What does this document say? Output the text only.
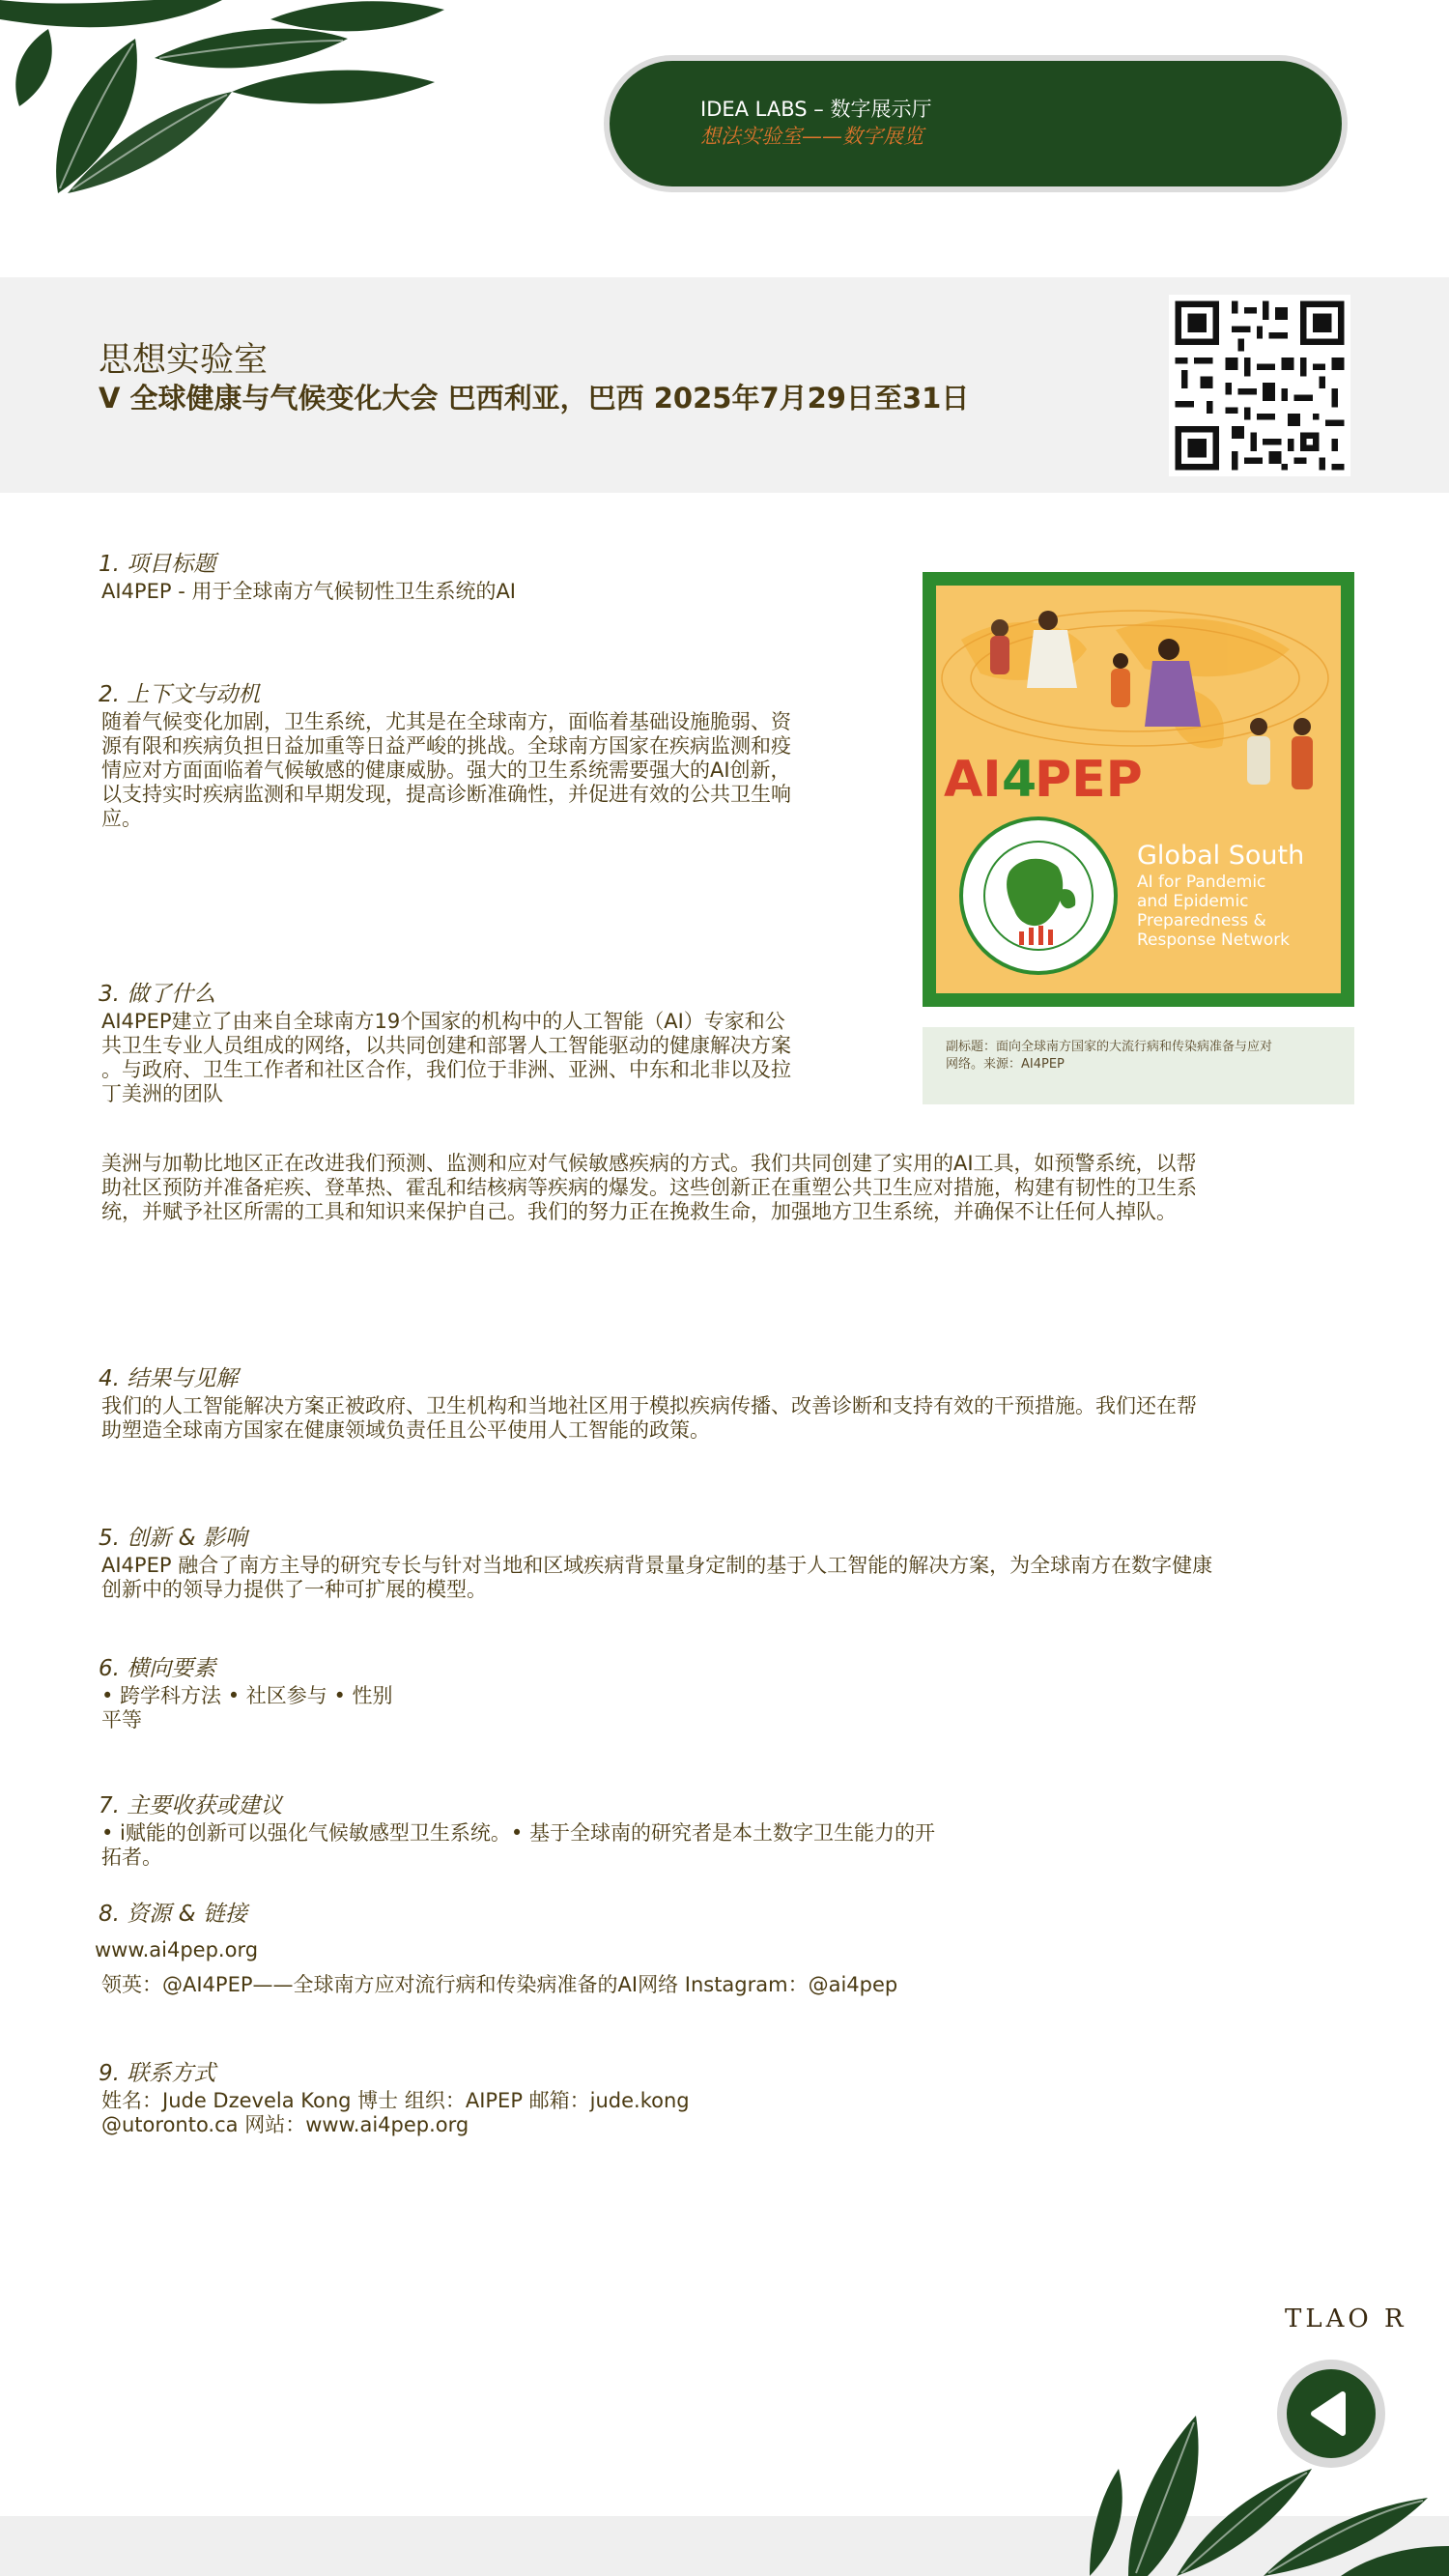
IDEA LABS – 数字展示厅
想法实验室——数字展览
思想实验室
V 全球健康与气候变化大会 巴西利亚，巴西 2025年7月29日至31日
1. 项目标题
AI4PEP - 用于全球南方气候韧性卫生系统的AI
2. 上下文与动机
随着气候变化加剧，卫生系统，尤其是在全球南方，面临着基础设施脆弱、资
源有限和疾病负担日益加重等日益严峻的挑战。全球南方国家在疾病监测和疫
情应对方面面临着气候敏感的健康威胁。强大的卫生系统需要强大的AI创新，
以支持实时疾病监测和早期发现，提高诊断准确性，并促进有效的公共卫生响
应。
3. 做了什么
AI4PEP建立了由来自全球南方19个国家的机构中的人工智能（AI）专家和公
共卫生专业人员组成的网络，以共同创建和部署人工智能驱动的健康解决方案
。与政府、卫生工作者和社区合作，我们位于非洲、亚洲、中东和北非以及拉
丁美洲的团队
美洲与加勒比地区正在改进我们预测、监测和应对气候敏感疾病的方式。我们共同创建了实用的AI工具，如预警系统，以帮
助社区预防并准备疟疾、登革热、霍乱和结核病等疾病的爆发。这些创新正在重塑公共卫生应对措施，构建有韧性的卫生系
统，并赋予社区所需的工具和知识来保护自己。我们的努力正在挽救生命，加强地方卫生系统，并确保不让任何人掉队。
AI 4
PEP
Global South
AI for Pandemic
and Epidemic
Preparedness &
Response Network
副标题：面向全球南方国家的大流行病和传染病准备与应对
网络。来源：AI4PEP
4. 结果与见解
我们的人工智能解决方案正被政府、卫生机构和当地社区用于模拟疾病传播、改善诊断和支持有效的干预措施。我们还在帮
助塑造全球南方国家在健康领域负责任且公平使用人工智能的政策。
5. 创新 & 影响
AI4PEP 融合了南方主导的研究专长与针对当地和区域疾病背景量身定制的基于人工智能的解决方案，为全球南方在数字健康
创新中的领导力提供了一种可扩展的模型。
6. 横向要素
• 跨学科方法 • 社区参与 • 性别
平等
7. 主要收获或建议
• i赋能的创新可以强化气候敏感型卫生系统。• 基于全球南的研究者是本土数字卫生能力的开
拓者。
8. 资源 & 链接
www.ai4pep.org
领英：@AI4PEP——全球南方应对流行病和传染病准备的AI网络 Instagram：@ai4pep
9. 联系方式
姓名：Jude Dzevela Kong 博士 组织：AIPEP 邮箱：jude.kong
@utoronto.ca 网站：www.ai4pep.org
TLAO R
